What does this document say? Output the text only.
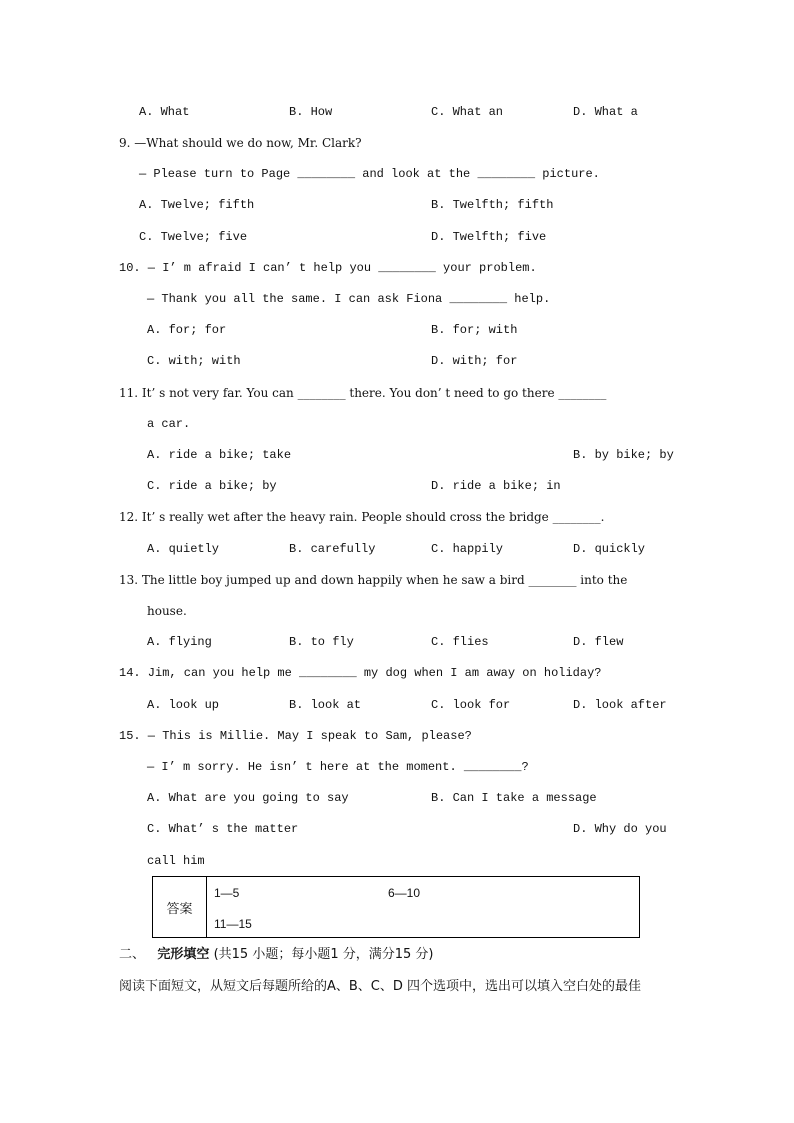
A. What	B. How	C. What an	D. What a
9. —What should we do now, Mr. Clark?
— Please turn to Page ________ and look at the ________ picture.
A. Twelve; fifth	B. Twelfth; fifth
C. Twelve; five	D. Twelfth; five
10. — I’ m afraid I can’ t help you ________ your problem.
— Thank you all the same. I can ask Fiona ________ help.
A. for; for	B. for; with
C. with; with	D. with; for
11. It’ s not very far. You can ________ there. You don’ t need to go there ________
a car.
A. ride a bike; take	B. by bike; by
C. ride a bike; by	D. ride a bike; in
12. It’ s really wet after the heavy rain. People should cross the bridge ________.
A. quietly	B. carefully	C. happily	D. quickly
13. The little boy jumped up and down happily when he saw a bird ________ into the
house.
A. flying	B. to fly	C. flies	D. flew
14. Jim, can you help me ________ my dog when I am away on holiday?
A. look up	B. look at	C. look for	D. look after
15. — This is Millie. May I speak to Sam, please?
— I’ m sorry. He isn’ t here at the moment. ________?
A. What are you going to say	B. Can I take a message
C. What’ s the matter	D. Why do you
call him
答案
1—5	6—10
11—15
二、 完形填空 (共15 小题；每小题1 分，满分15 分)
阅读下面短文，从短文后每题所给的A、B、C、D 四个选项中，选出可以填入空白处的最佳
